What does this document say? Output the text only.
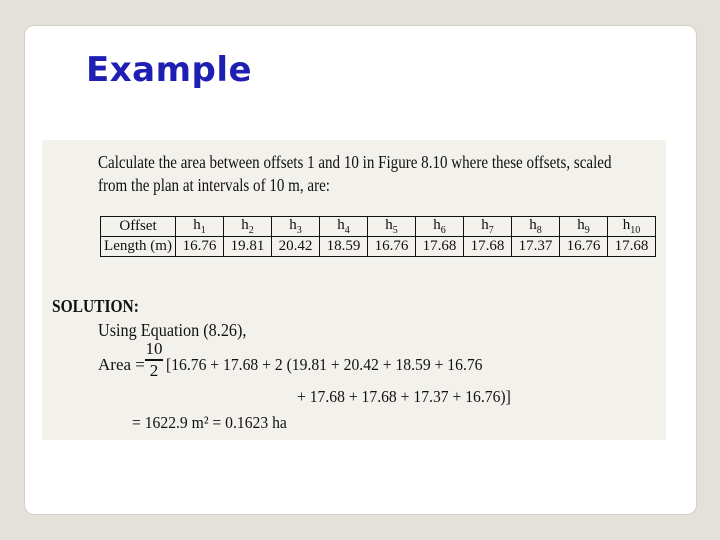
Example
Calculate the area between offsets 1 and 10 in Figure 8.10 where these offsets, scaled
from the plan at intervals of 10 m, are:
Offset	$h_1$	$h_2$	$h_3$	$h_4$	$h_5$	$h_6$	$h_7$	$h_8$	$h_9$	$h_{10}$
Length (m)	16.76	19.81	20.42	18.59	16.76	17.68	17.68	17.37	16.76	17.68
SOLUTION:
Using Equation (8.26),
Area =
10
2 [16.76 + 17.68 + 2 (19.81 + 20.42 + 18.59 + 16.76
+ 17.68 + 17.68 + 17.37 + 16.76)]
= 1622.9 m² = 0.1623 ha
